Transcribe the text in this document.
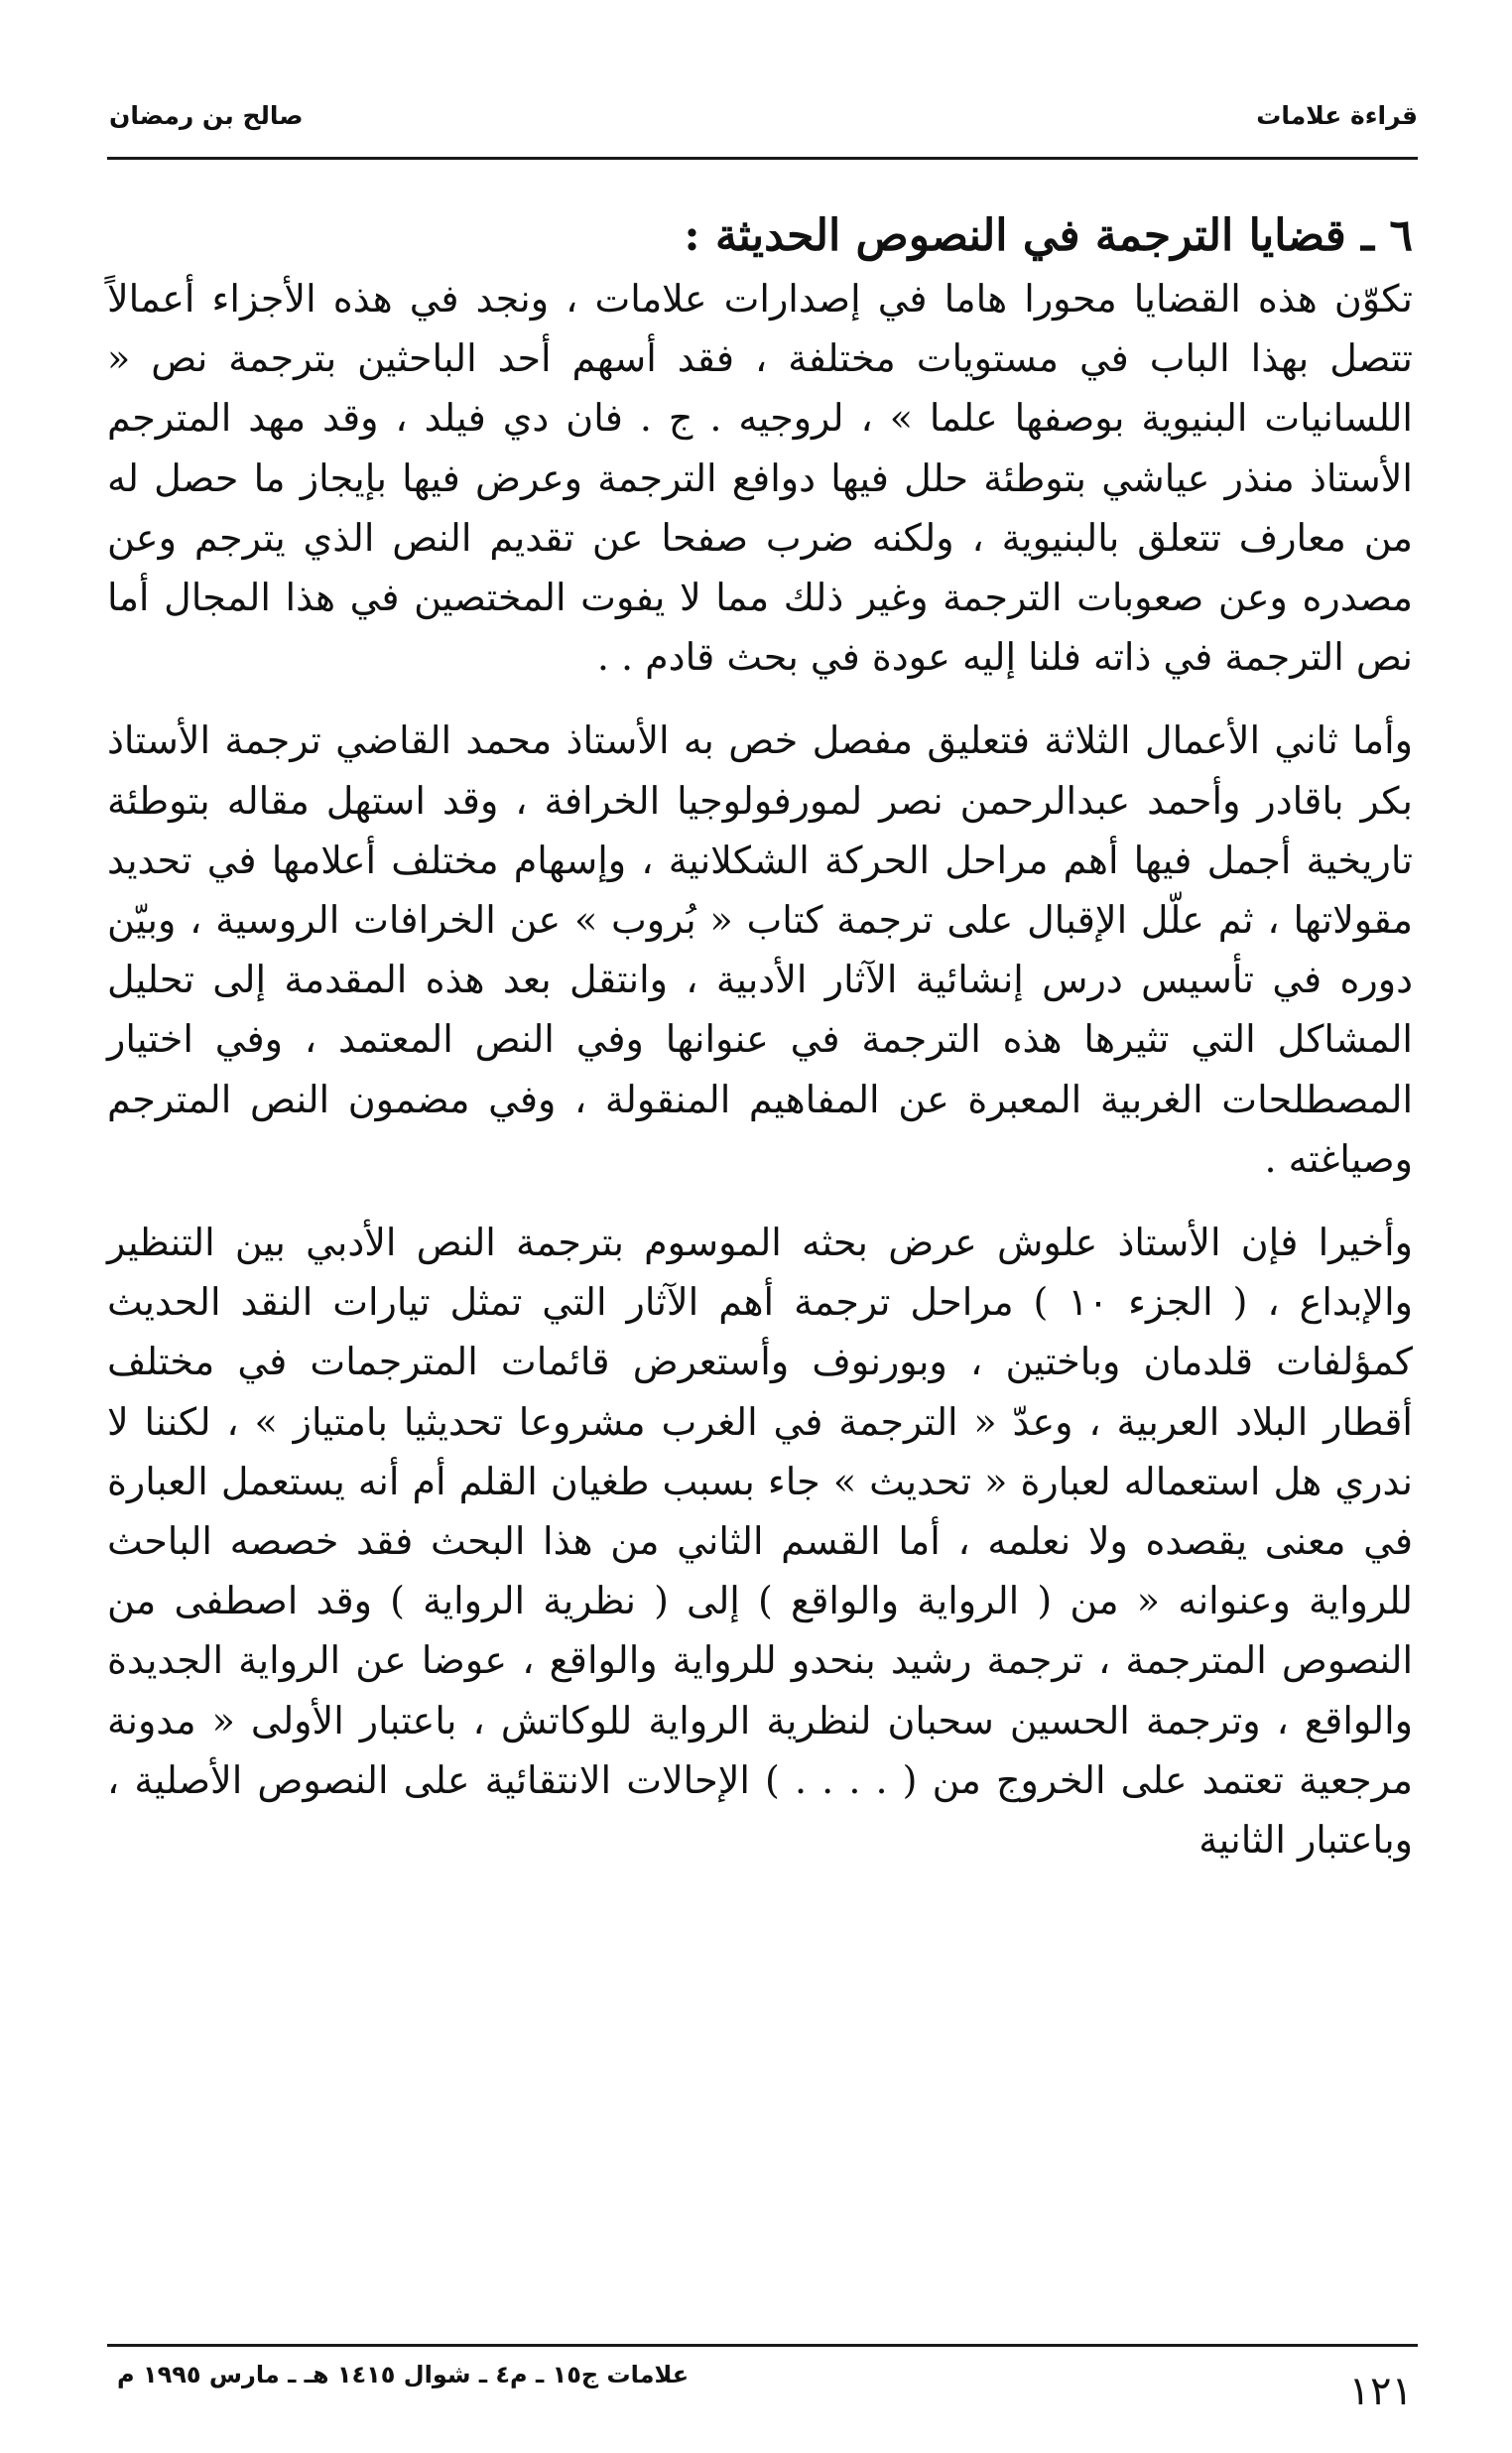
قراءة علامات
صالح بن رمضان
٦ ـ قضايا الترجمة في النصوص الحديثة :

تكوّن هذه القضايا محورا هاما في إصدارات علامات ، ونجد في هذه الأجزاء أعمالاً تتصل بهذا الباب في مستويات مختلفة ، فقد أسهم أحد الباحثين بترجمة نص « اللسانيات البنيوية بوصفها علما » ، لروجيه . ج . فان دي فيلد ، وقد مهد المترجم الأستاذ منذر عياشي بتوطئة حلل فيها دوافع الترجمة وعرض فيها بإيجاز ما حصل له من معارف تتعلق بالبنيوية ، ولكنه ضرب صفحا عن تقديم النص الذي يترجم وعن مصدره وعن صعوبات الترجمة وغير ذلك مما لا يفوت المختصين في هذا المجال أما نص الترجمة في ذاته فلنا إليه عودة في بحث قادم . .

وأما ثاني الأعمال الثلاثة فتعليق مفصل خص به الأستاذ محمد القاضي ترجمة الأستاذ بكر باقادر وأحمد عبدالرحمن نصر لمورفولوجيا الخرافة ، وقد استهل مقاله بتوطئة تاريخية أجمل فيها أهم مراحل الحركة الشكلانية ، وإسهام مختلف أعلامها في تحديد مقولاتها ، ثم علّل الإقبال على ترجمة كتاب « بُروب » عن الخرافات الروسية ، وبيّن دوره في تأسيس درس إنشائية الآثار الأدبية ، وانتقل بعد هذه المقدمة إلى تحليل المشاكل التي تثيرها هذه الترجمة في عنوانها وفي النص المعتمد ، وفي اختيار المصطلحات الغربية المعبرة عن المفاهيم المنقولة ، وفي مضمون النص المترجم وصياغته .

وأخيرا فإن الأستاذ علوش عرض بحثه الموسوم بترجمة النص الأدبي بين التنظير والإبداع ، ( الجزء ١٠ ) مراحل ترجمة أهم الآثار التي تمثل تيارات النقد الحديث كمؤلفات قلدمان وباختين ، وبورنوف وأستعرض قائمات المترجمات في مختلف أقطار البلاد العربية ، وعدّ « الترجمة في الغرب مشروعا تحديثيا بامتياز » ، لكننا لا ندري هل استعماله لعبارة « تحديث » جاء بسبب طغيان القلم أم أنه يستعمل العبارة في معنى يقصده ولا نعلمه ، أما القسم الثاني من هذا البحث فقد خصصه الباحث للرواية وعنوانه « من ( الرواية والواقع ) إلى ( نظرية الرواية ) وقد اصطفى من النصوص المترجمة ، ترجمة رشيد بنحدو للرواية والواقع ، عوضا عن الرواية الجديدة والواقع ، وترجمة الحسين سحبان لنظرية الرواية للوكاتش ، باعتبار الأولى « مدونة مرجعية تعتمد على الخروج من ( . . . . ) الإحالات الانتقائية على النصوص الأصلية ، وباعتبار الثانية

١٢١
علامات ج١٥ ـ م٤ ـ شوال ١٤١٥ هـ ـ مارس ١٩٩٥ م
